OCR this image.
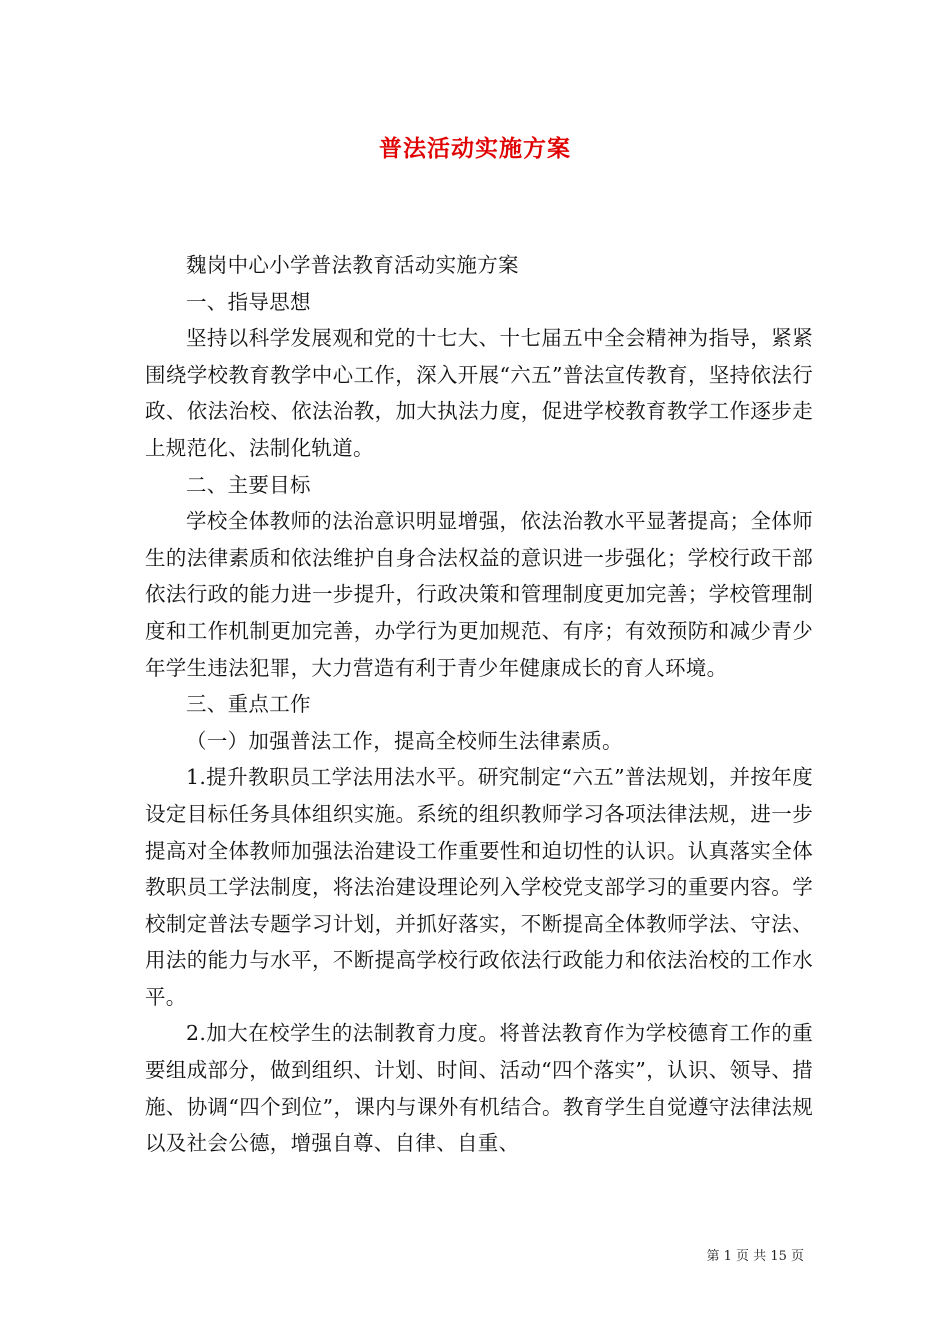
普法活动实施方案

魏岗中心小学普法教育活动实施方案

一、指导思想

坚持以科学发展观和党的十七大、十七届五中全会精神为指导，紧紧围绕学校教育教学中心工作，深入开展“六五”普法宣传教育，坚持依法行政、依法治校、依法治教，加大执法力度，促进学校教育教学工作逐步走上规范化、法制化轨道。

二、主要目标

学校全体教师的法治意识明显增强，依法治教水平显著提高；全体师生的法律素质和依法维护自身合法权益的意识进一步强化；学校行政干部依法行政的能力进一步提升，行政决策和管理制度更加完善；学校管理制度和工作机制更加完善，办学行为更加规范、有序；有效预防和减少青少年学生违法犯罪，大力营造有利于青少年健康成长的育人环境。

三、重点工作

（一）加强普法工作，提高全校师生法律素质。

1.提升教职员工学法用法水平。研究制定“六五”普法规划，并按年度设定目标任务具体组织实施。系统的组织教师学习各项法律法规，进一步提高对全体教师加强法治建设工作重要性和迫切性的认识。认真落实全体教职员工学法制度，将法治建设理论列入学校党支部学习的重要内容。学校制定普法专题学习计划，并抓好落实，不断提高全体教师学法、守法、用法的能力与水平，不断提高学校行政依法行政能力和依法治校的工作水平。

2.加大在校学生的法制教育力度。将普法教育作为学校德育工作的重要组成部分，做到组织、计划、时间、活动“四个落实”，认识、领导、措施、协调“四个到位”，课内与课外有机结合。教育学生自觉遵守法律法规以及社会公德，增强自尊、自律、自重、

第 1 页 共 15 页
